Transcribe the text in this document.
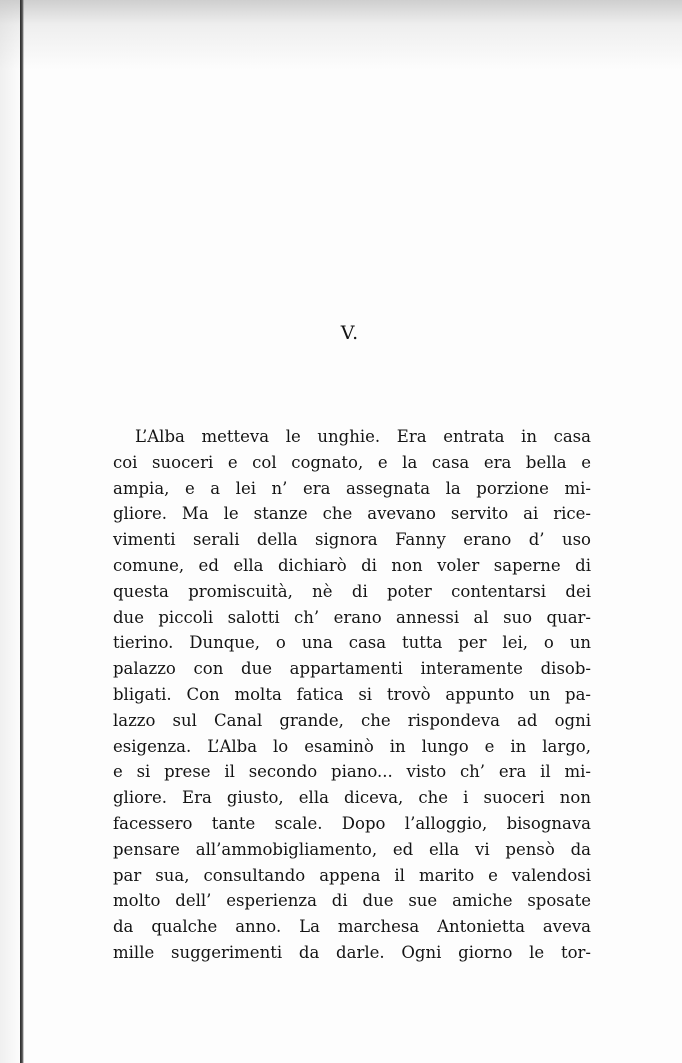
V.
L’Alba metteva le unghie. Era entrata in casa
coi suoceri e col cognato, e la casa era bella e
ampia, e a lei n’ era assegnata la porzione mi-
gliore. Ma le stanze che avevano servito ai rice-
vimenti serali della signora Fanny erano d’ uso
comune, ed ella dichiarò di non voler saperne di
questa promiscuità, nè di poter contentarsi dei
due piccoli salotti ch’ erano annessi al suo quar-
tierino. Dunque, o una casa tutta per lei, o un
palazzo con due appartamenti interamente disob-
bligati. Con molta fatica si trovò appunto un pa-
lazzo sul Canal grande, che rispondeva ad ogni
esigenza. L’Alba lo esaminò in lungo e in largo,
e si prese il secondo piano... visto ch’ era il mi-
gliore. Era giusto, ella diceva, che i suoceri non
facessero tante scale. Dopo l’alloggio, bisognava
pensare all’ammobigliamento, ed ella vi pensò da
par sua, consultando appena il marito e valendosi
molto dell’ esperienza di due sue amiche sposate
da qualche anno. La marchesa Antonietta aveva
mille suggerimenti da darle. Ogni giorno le tor-
